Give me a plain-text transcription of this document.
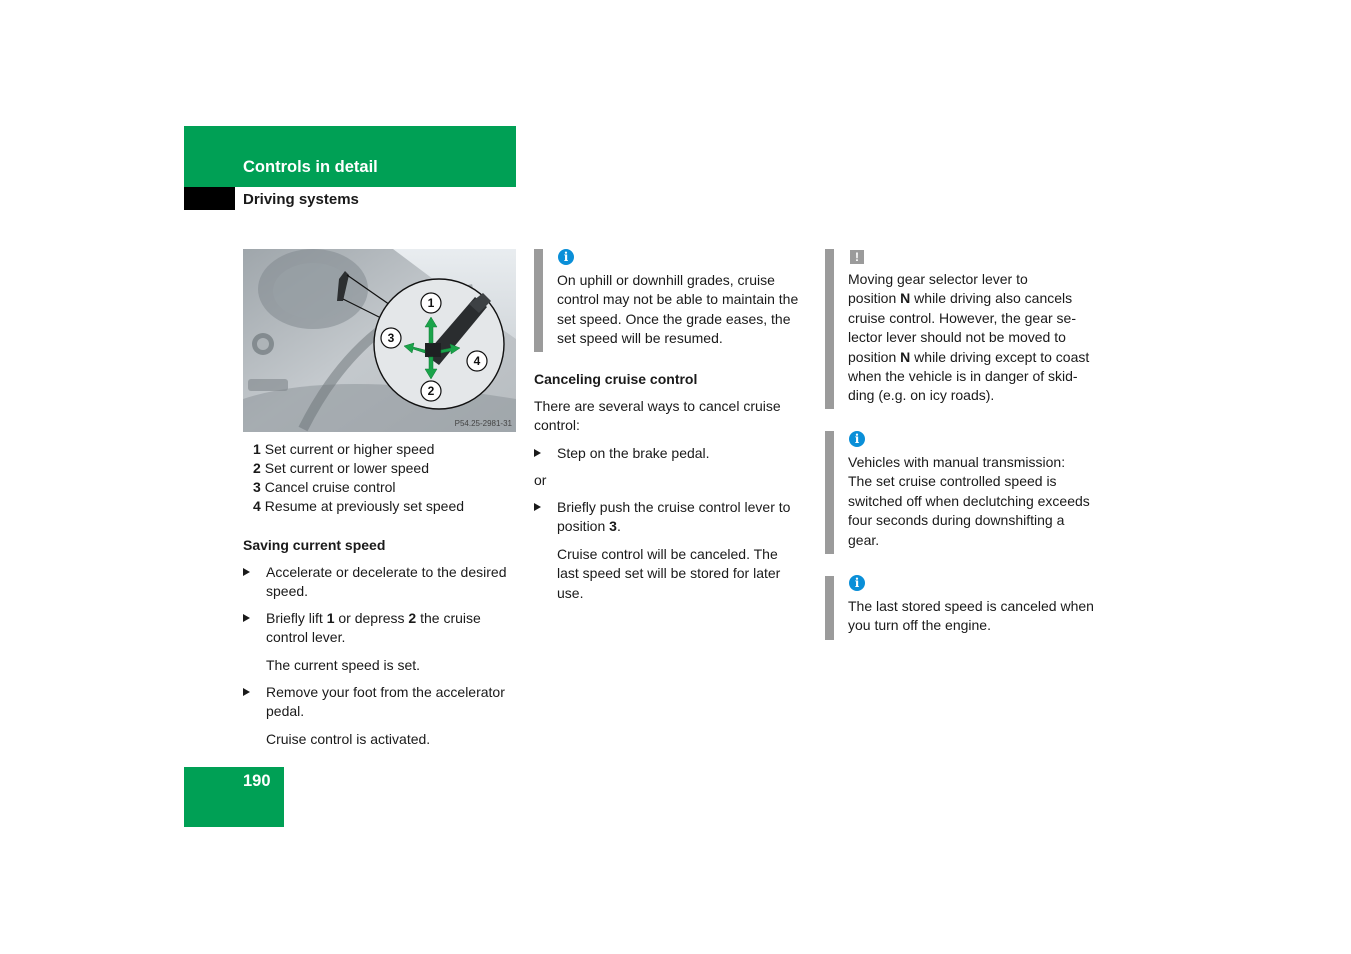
Controls in detail
Driving systems
1
2
3
4
P54.25-2981-31
1 Set current or higher speed
2 Set current or lower speed
3 Cancel cruise control
4 Resume at previously set speed
Saving current speed
Accelerate or decelerate to the desired
speed.
Briefly lift 1 or depress 2 the cruise
control lever.
The current speed is set.
Remove your foot from the accelerator
pedal.
Cruise control is activated.
i
On uphill or downhill grades, cruise
control may not be able to maintain the
set speed. Once the grade eases, the
set speed will be resumed.
Canceling cruise control
There are several ways to cancel cruise
control:
Step on the brake pedal.
or
Briefly push the cruise control lever to
position 3.
Cruise control will be canceled. The
last speed set will be stored for later
use.
!
Moving gear selector lever to
position N while driving also cancels
cruise control. However, the gear se-
lector lever should not be moved to
position N while driving except to coast
when the vehicle is in danger of skid-
ding (e.g. on icy roads).
i
Vehicles with manual transmission:
The set cruise controlled speed is
switched off when declutching exceeds
four seconds during downshifting a
gear.
i
The last stored speed is canceled when
you turn off the engine.
190
